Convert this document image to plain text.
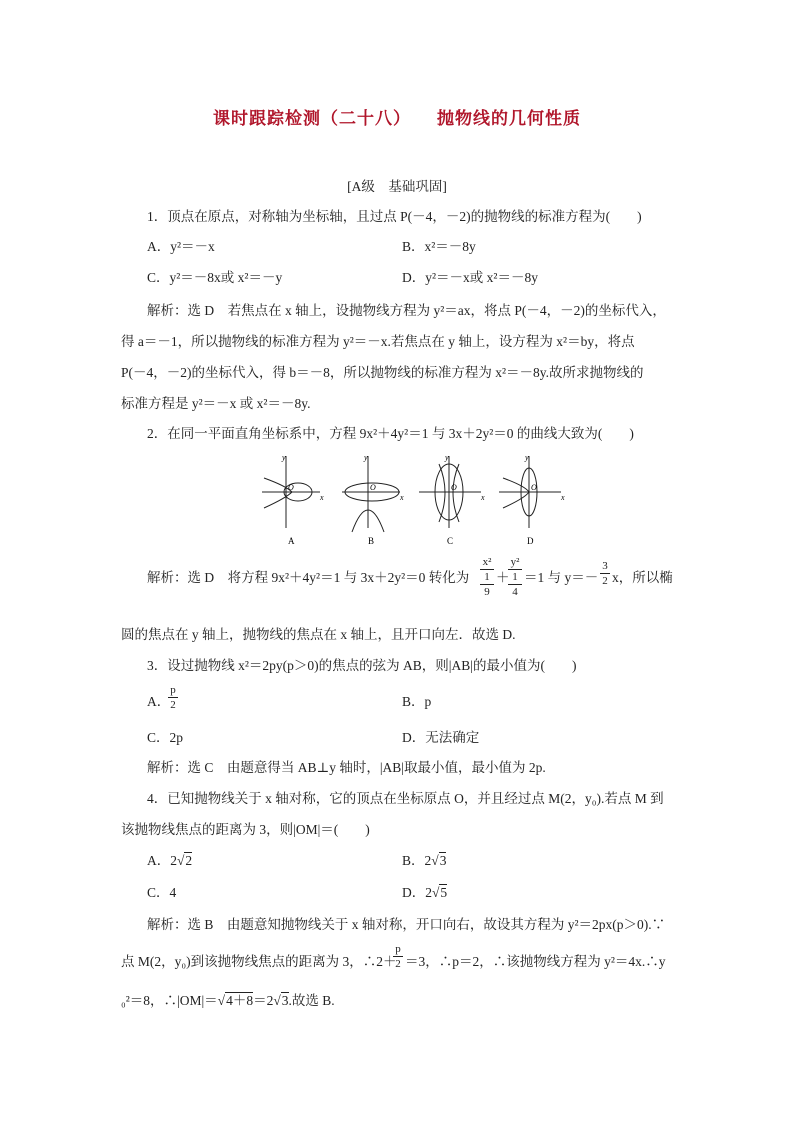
课时跟踪检测（二十八） 抛物线的几何性质
[A级　基础巩固]
1．顶点在原点，对称轴为坐标轴，且过点 P(－4，－2)的抛物线的标准方程为(　　)
A．y²＝－x	B．x²＝－8y
C．y²＝－8x或 x²＝－y	D．y²＝－x或 x²＝－8y
解析：选 D　若焦点在 x 轴上，设抛物线方程为 y²＝ax，将点 P(－4，－2)的坐标代入，
得 a＝－1，所以抛物线的标准方程为 y²＝－x.若焦点在 y 轴上，设方程为 x²＝by，将点
P(－4，－2)的坐标代入，得 b＝－8，所以抛物线的标准方程为 x²＝－8y.故所求抛物线的
标准方程是 y²＝－x 或 x²＝－8y.
2．在同一平面直角坐标系中，方程 9x²＋4y²＝1 与 3x＋2y²＝0 的曲线大致为(　　)
y
x
O
A
y
x
O
B
y
x
O
C
y
x
O
D
解析：选 D　将方程 9x²＋4y²＝1 与 3x＋2y²＝0 转化为
x²
1
9
＋
y²
1
4
＝1 与 y＝－
3
2 x，所以椭
圆的焦点在 y 轴上，抛物线的焦点在 x 轴上，且开口向左．故选 D.
3．设过抛物线 x²＝2py(p＞0)的焦点的弦为 AB，则|AB|的最小值为(　　)
A．
p
2	B．p
C．2p	D．无法确定
解析：选 C　由题意得当 AB⊥y 轴时，|AB|取最小值，最小值为 2p.
4．已知抛物线关于 x 轴对称，它的顶点在坐标原点 O，并且经过点 M(2，y₀).若点 M 到
该抛物线焦点的距离为 3，则|OM|＝(　　)
A．2√2	B．2√3
C．4	D．2√5
解析：选 B　由题意知抛物线关于 x 轴对称，开口向右，故设其方程为 y²＝2px(p＞0).∵
点 M(2，y₀)到该抛物线焦点的距离为 3，∴2＋
p
2 ＝3，∴p＝2，∴该抛物线方程为 y²＝4x.∴y
₀²＝8，∴|OM|＝√4＋8＝2√3.故选 B.
